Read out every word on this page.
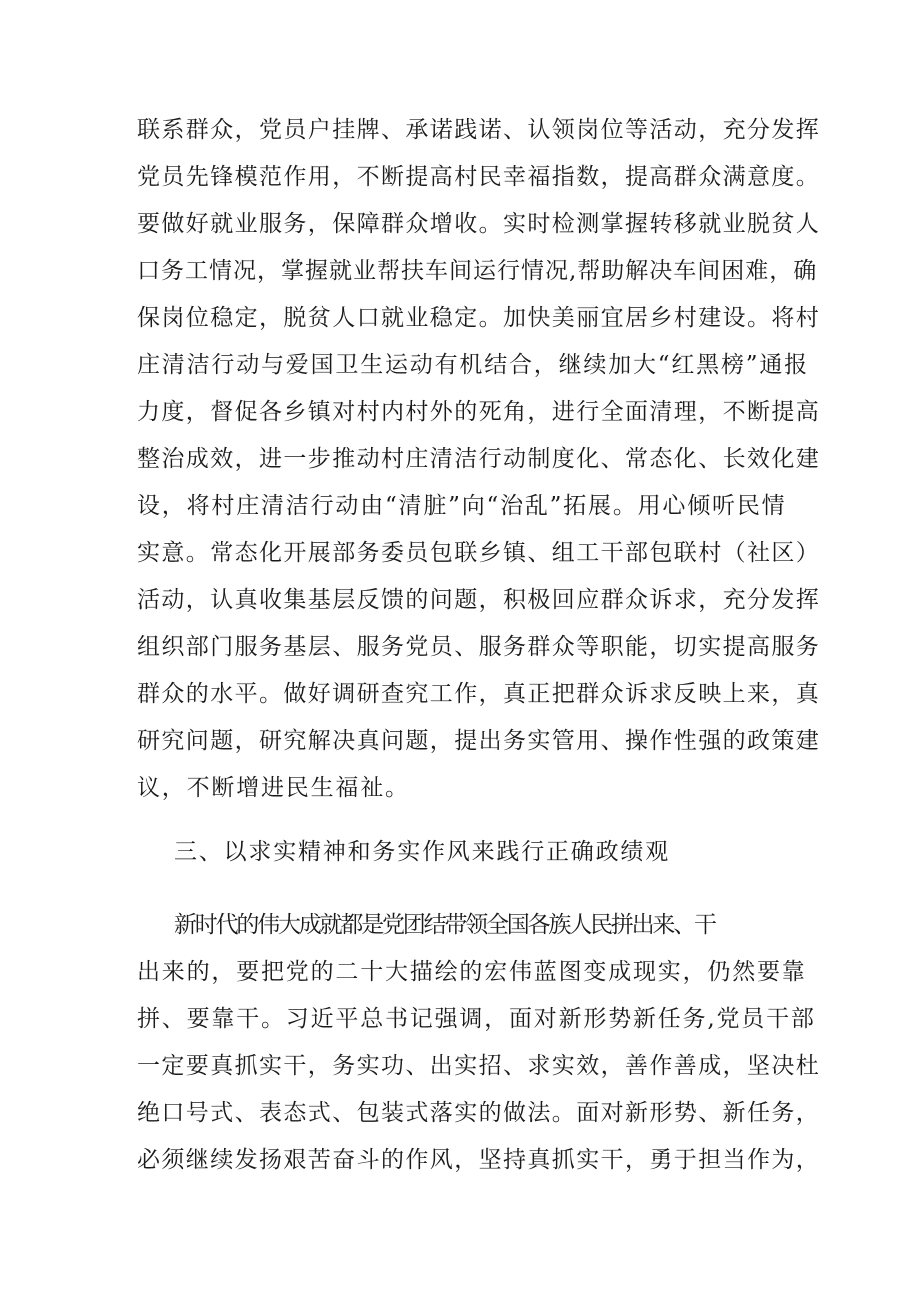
联系群众，党员户挂牌、承诺践诺、认领岗位等活动，充分发挥
党员先锋模范作用，不断提高村民幸福指数，提高群众满意度。
要做好就业服务，保障群众增收。实时检测掌握转移就业脱贫人
口务工情况，掌握就业帮扶车间运行情况,帮助解决车间困难，确
保岗位稳定，脱贫人口就业稳定。加快美丽宜居乡村建设。将村
庄清洁行动与爱国卫生运动有机结合，继续加大“红黑榜”通报
力度，督促各乡镇对村内村外的死角，进行全面清理，不断提高
整治成效，进一步推动村庄清洁行动制度化、常态化、长效化建
设，将村庄清洁行动由“清脏”向“治乱”拓展。用心倾听民情
实意。常态化开展部务委员包联乡镇、组工干部包联村（社区）
活动，认真收集基层反馈的问题，积极回应群众诉求，充分发挥
组织部门服务基层、服务党员、服务群众等职能，切实提高服务
群众的水平。做好调研查究工作，真正把群众诉求反映上来，真
研究问题，研究解决真问题，提出务实管用、操作性强的政策建
议，不断增进民生福祉。
三、以求实精神和务实作风来践行正确政绩观
新时代的伟大成就都是党团结带领全国各族人民拼出来、干
出来的，要把党的二十大描绘的宏伟蓝图变成现实，仍然要靠
拼、要靠干。习近平总书记强调，面对新形势新任务,党员干部
一定要真抓实干，务实功、出实招、求实效，善作善成，坚决杜
绝口号式、表态式、包装式落实的做法。面对新形势、新任务，
必须继续发扬艰苦奋斗的作风，坚持真抓实干，勇于担当作为，
